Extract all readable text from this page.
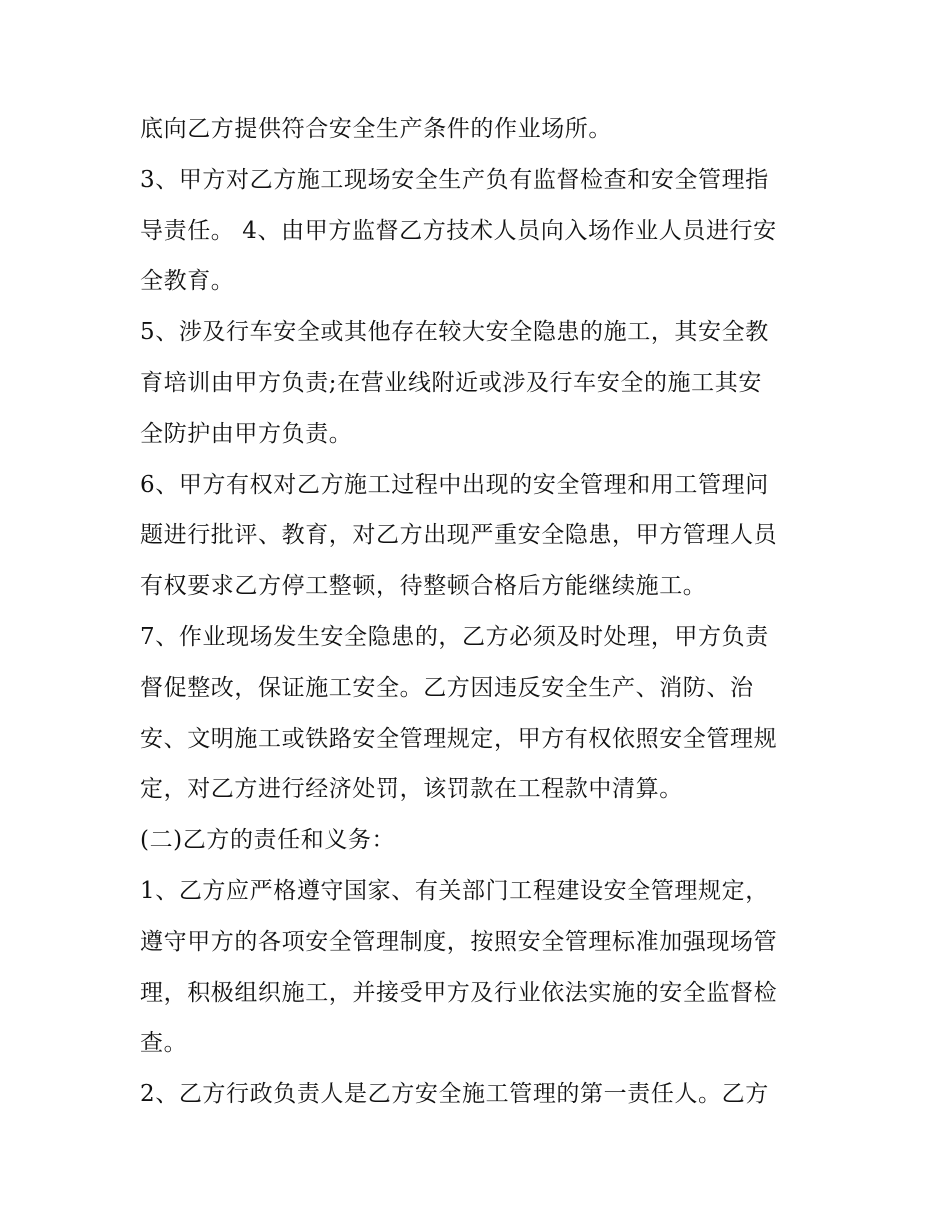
底向乙方提供符合安全生产条件的作业场所。
3、甲方对乙方施工现场安全生产负有监督检查和安全管理指
导责任。 4、由甲方监督乙方技术人员向入场作业人员进行安
全教育。
5、涉及行车安全或其他存在较大安全隐患的施工，其安全教
育培训由甲方负责;在营业线附近或涉及行车安全的施工其安
全防护由甲方负责。
6、甲方有权对乙方施工过程中出现的安全管理和用工管理问
题进行批评、教育，对乙方出现严重安全隐患，甲方管理人员
有权要求乙方停工整顿，待整顿合格后方能继续施工。
7、作业现场发生安全隐患的，乙方必须及时处理，甲方负责
督促整改，保证施工安全。乙方因违反安全生产、消防、治
安、文明施工或铁路安全管理规定，甲方有权依照安全管理规
定，对乙方进行经济处罚，该罚款在工程款中清算。
(二)乙方的责任和义务：
1、乙方应严格遵守国家、有关部门工程建设安全管理规定，
遵守甲方的各项安全管理制度，按照安全管理标准加强现场管
理，积极组织施工，并接受甲方及行业依法实施的安全监督检
查。
2、乙方行政负责人是乙方安全施工管理的第一责任人。乙方
